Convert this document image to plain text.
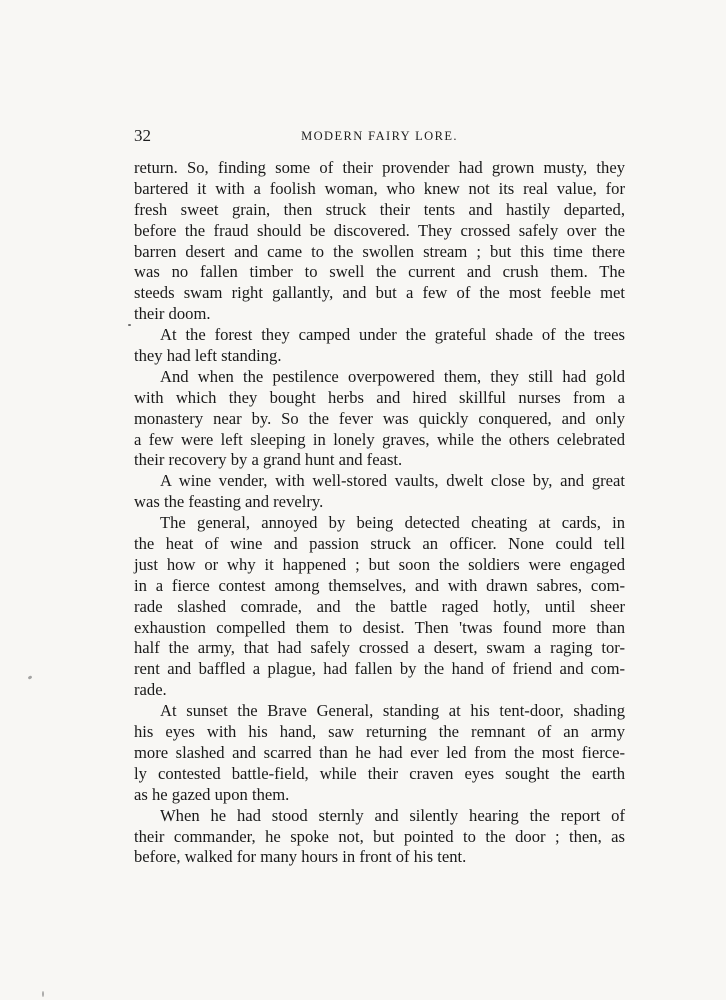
32	MODERN FAIRY LORE.
return. So, finding some of their provender had grown musty, they
bartered it with a foolish woman, who knew not its real value, for
fresh sweet grain, then struck their tents and hastily departed,
before the fraud should be discovered. They crossed safely over the
barren desert and came to the swollen stream ; but this time there
was no fallen timber to swell the current and crush them. The
steeds swam right gallantly, and but a few of the most feeble met
their doom.
At the forest they camped under the grateful shade of the trees
they had left standing.
And when the pestilence overpowered them, they still had gold
with which they bought herbs and hired skillful nurses from a
monastery near by. So the fever was quickly conquered, and only
a few were left sleeping in lonely graves, while the others celebrated
their recovery by a grand hunt and feast.
A wine vender, with well-stored vaults, dwelt close by, and great
was the feasting and revelry.
The general, annoyed by being detected cheating at cards, in
the heat of wine and passion struck an officer. None could tell
just how or why it happened ; but soon the soldiers were engaged
in a fierce contest among themselves, and with drawn sabres, com-
rade slashed comrade, and the battle raged hotly, until sheer
exhaustion compelled them to desist. Then 'twas found more than
half the army, that had safely crossed a desert, swam a raging tor-
rent and baffled a plague, had fallen by the hand of friend and com-
rade.
At sunset the Brave General, standing at his tent-door, shading
his eyes with his hand, saw returning the remnant of an army
more slashed and scarred than he had ever led from the most fierce-
ly contested battle-field, while their craven eyes sought the earth
as he gazed upon them.
When he had stood sternly and silently hearing the report of
their commander, he spoke not, but pointed to the door ; then, as
before, walked for many hours in front of his tent.
